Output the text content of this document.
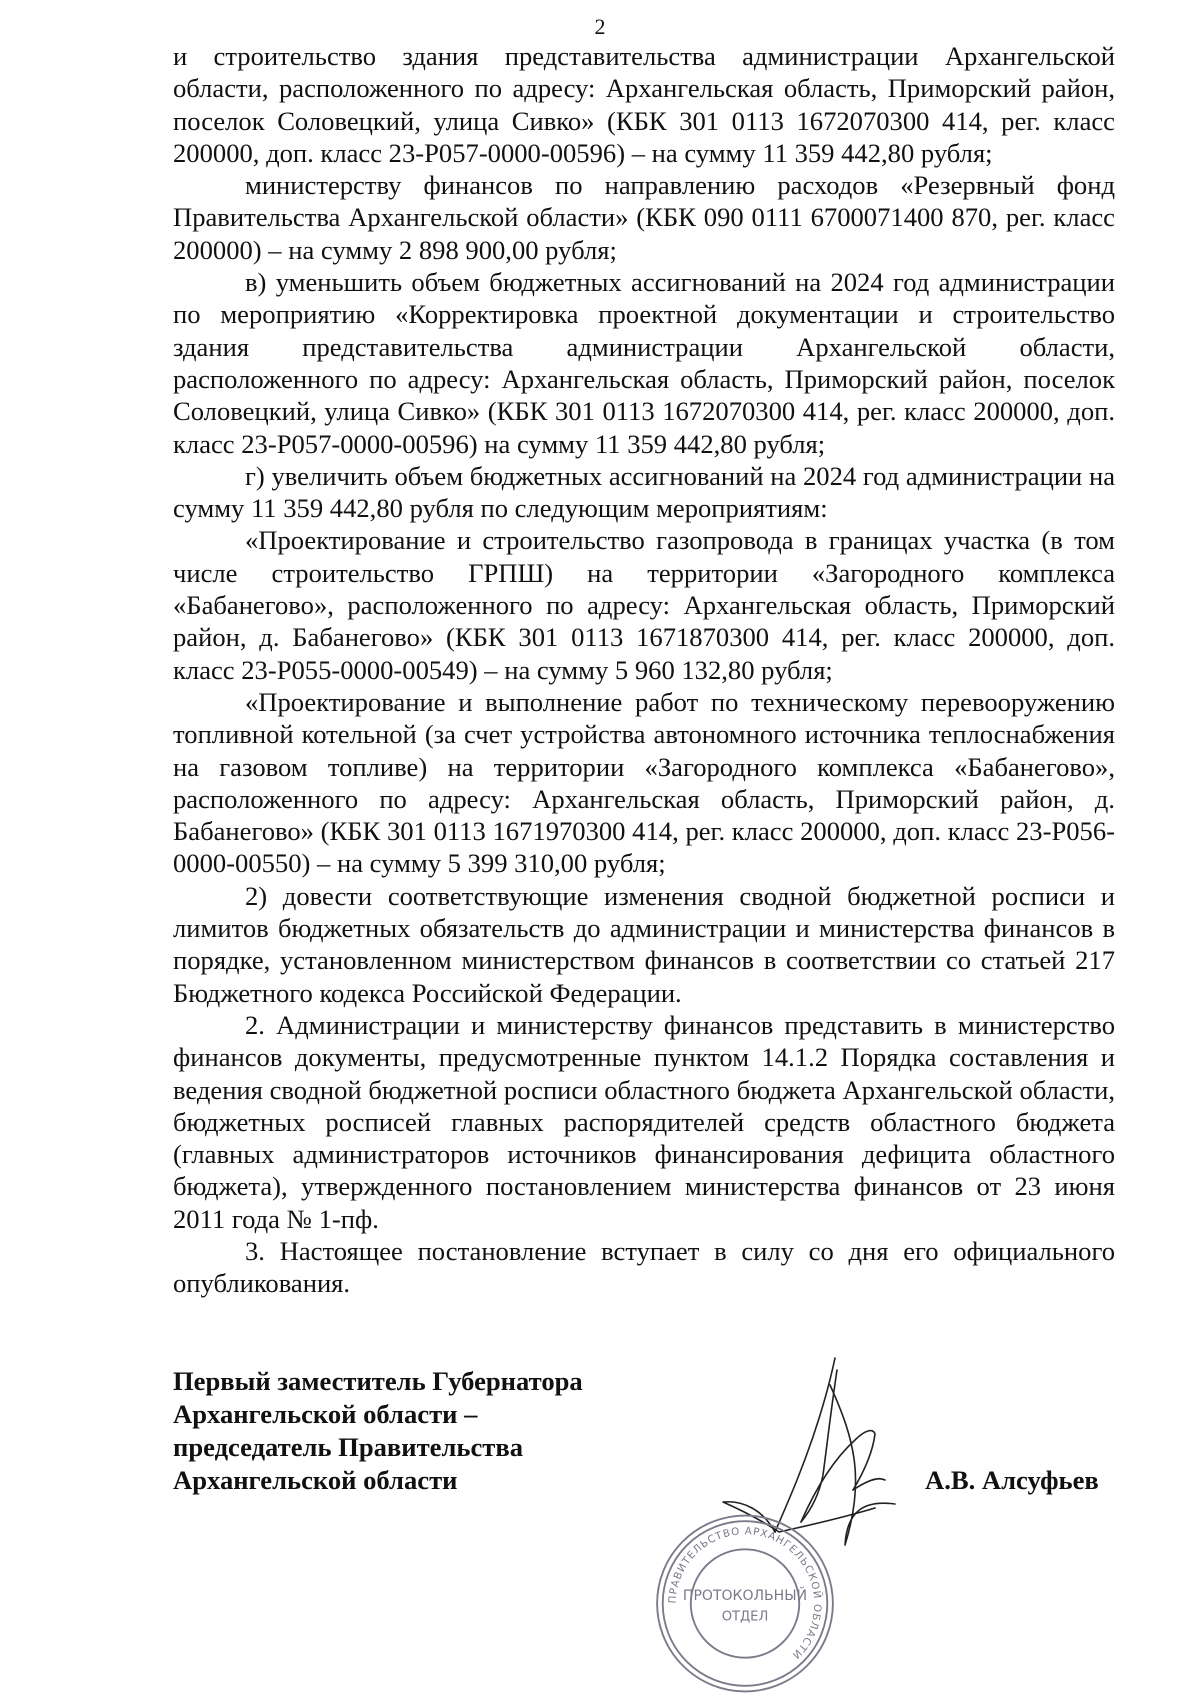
2

и строительство здания представительства администрации Архангельской области, расположенного по адресу: Архангельская область, Приморский район, поселок Соловецкий, улица Сивко» (КБК 301 0113 1672070300 414, рег. класс 200000, доп. класс 23-Р057-0000-00596) – на сумму 11 359 442,80 рубля;

министерству финансов по направлению расходов «Резервный фонд Правительства Архангельской области» (КБК 090 0111 6700071400 870, рег. класс 200000) – на сумму 2 898 900,00 рубля;

в) уменьшить объем бюджетных ассигнований на 2024 год администрации по мероприятию «Корректировка проектной документации и строительство здания представительства администрации Архангельской области, расположенного по адресу: Архангельская область, Приморский район, поселок Соловецкий, улица Сивко» (КБК 301 0113 1672070300 414, рег. класс 200000, доп. класс 23-Р057-0000-00596) на сумму 11 359 442,80 рубля;

г) увеличить объем бюджетных ассигнований на 2024 год администрации на сумму 11 359 442,80 рубля по следующим мероприятиям:

«Проектирование и строительство газопровода в границах участка (в том числе строительство ГРПШ) на территории «Загородного комплекса «Бабанегово», расположенного по адресу: Архангельская область, Приморский район, д. Бабанегово» (КБК 301 0113 1671870300 414, рег. класс 200000, доп. класс 23-Р055-0000-00549) – на сумму 5 960 132,80 рубля;

«Проектирование и выполнение работ по техническому перевооружению топливной котельной (за счет устройства автономного источника теплоснабжения на газовом топливе) на территории «Загородного комплекса «Бабанегово», расположенного по адресу: Архангельская область, Приморский район, д. Бабанегово» (КБК 301 0113 1671970300 414, рег. класс 200000, доп. класс 23-Р056-0000-00550) – на сумму 5 399 310,00 рубля;

2) довести соответствующие изменения сводной бюджетной росписи и лимитов бюджетных обязательств до администрации и министерства финансов в порядке, установленном министерством финансов в соответствии со статьей 217 Бюджетного кодекса Российской Федерации.

2. Администрации и министерству финансов представить в министерство финансов документы, предусмотренные пунктом 14.1.2 Порядка составления и ведения сводной бюджетной росписи областного бюджета Архангельской области, бюджетных росписей главных распорядителей средств областного бюджета (главных администраторов источников финансирования дефицита областного бюджета), утвержденного постановлением министерства финансов от 23 июня 2011 года № 1-пф.

3. Настоящее постановление вступает в силу со дня его официального опубликования.

Первый заместитель Губернатора
Архангельской области –
председатель Правительства
Архангельской области
ПРАВИТЕЛЬСТВО АРХАНГЕЛЬСКОЙ ОБЛАСТИ
ПРОТОКОЛЬНЫЙ
ОТДЕЛ
А.В. Алсуфьев
